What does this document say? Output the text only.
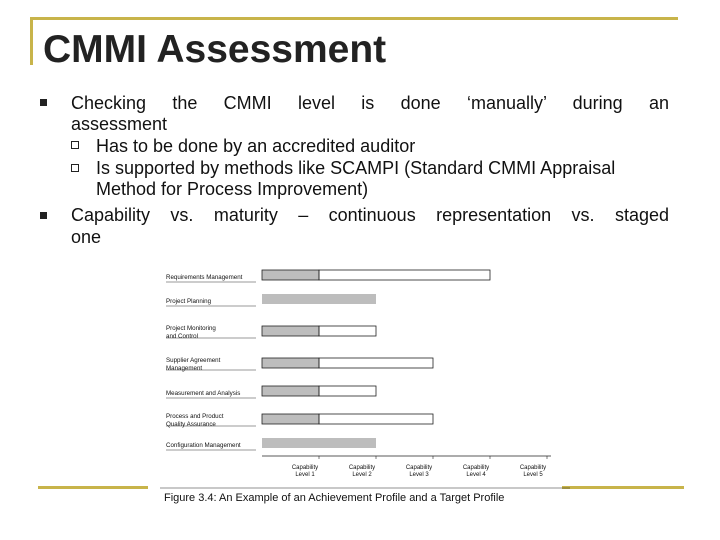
CMMI Assessment
Checking the CMMI level is done ‘manually’ during an
assessment
Has to be done by an accredited auditor
Is supported by methods like SCAMPI (Standard CMMI Appraisal
Method for Process Improvement)
Capability vs. maturity – continuous representation vs. staged
one
Requirements Management
Project Planning
Project Monitoring
and Control
Supplier Agreement
Management
Measurement and Analysis
Process and Product
Quality Assurance
Configuration Management
Capability
Level 1
Capability
Level 2
Capability
Level 3
Capability
Level 4
Capability
Level 5
Figure 3.4: An Example of an Achievement Profile and a Target Profile
